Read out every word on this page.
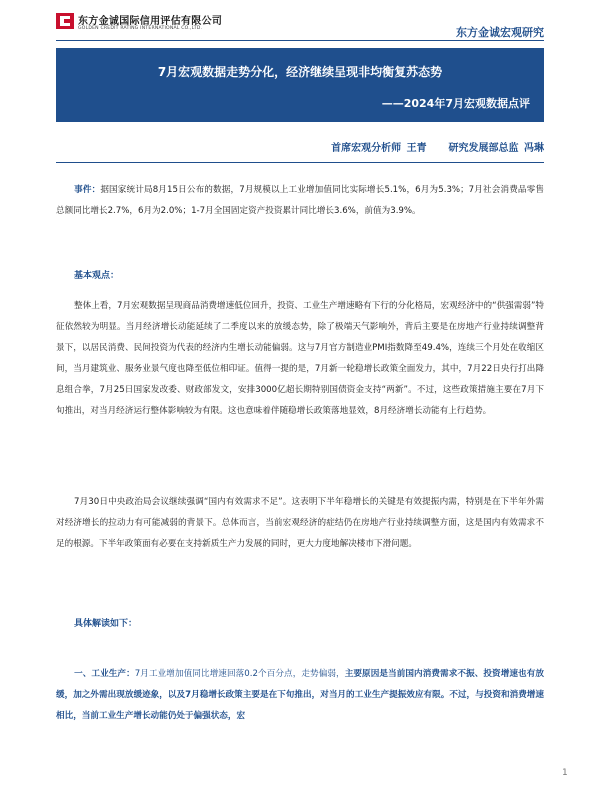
东方金诚国际信用评估有限公司
GOLDEN CREDIT RATING INTERNATIONAL CO.,LTD.	东方金诚宏观研究
7月宏观数据走势分化，经济继续呈现非均衡复苏态势
——2024年7月宏观数据点评
首席宏观分析师 王青 研究发展部总监 冯琳

事件：据国家统计局8月15日公布的数据，7月规模以上工业增加值同比实际增长5.1%，6月为5.3%；7月社会消费品零售总额同比增长2.7%，6月为2.0%；1-7月全国固定资产投资累计同比增长3.6%，前值为3.9%。

基本观点：

整体上看，7月宏观数据呈现商品消费增速低位回升，投资、工业生产增速略有下行的分化格局，宏观经济中的“供强需弱”特征依然较为明显。当月经济增长动能延续了二季度以来的放缓态势，除了极端天气影响外，背后主要是在房地产行业持续调整背景下，以居民消费、民间投资为代表的经济内生增长动能偏弱。这与7月官方制造业PMI指数降至49.4%，连续三个月处在收缩区间，当月建筑业、服务业景气度也降至低位相印证。值得一提的是，7月新一轮稳增长政策全面发力，其中，7月22日央行打出降息组合拳，7月25日国家发改委、财政部发文，安排3000亿超长期特别国债资金支持“两新”。不过，这些政策措施主要在7月下旬推出，对当月经济运行整体影响较为有限。这也意味着伴随稳增长政策落地显效，8月经济增长动能有上行趋势。

7月30日中央政治局会议继续强调“国内有效需求不足”。这表明下半年稳增长的关键是有效提振内需，特别是在下半年外需对经济增长的拉动力有可能减弱的背景下。总体而言，当前宏观经济的症结仍在房地产行业持续调整方面，这是国内有效需求不足的根源。下半年政策面有必要在支持新质生产力发展的同时，更大力度地解决楼市下滑问题。

具体解读如下：

一、工业生产：7月工业增加值同比增速回落0.2个百分点，走势偏弱，主要原因是当前国内消费需求不振、投资增速也有放缓，加之外需出现放缓迹象，以及7月稳增长政策主要是在下旬推出，对当月的工业生产提振效应有限。不过，与投资和消费增速相比，当前工业生产增长动能仍处于偏强状态，宏

1
